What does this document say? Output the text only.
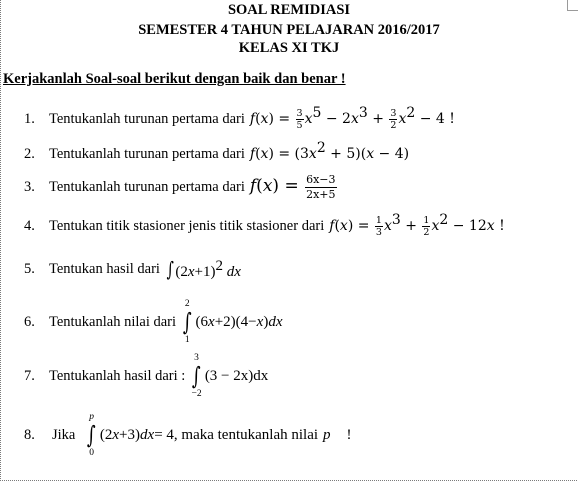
SOAL REMIDIASI
SEMESTER 4 TAHUN PELAJARAN 2016/2017
KELAS XI TKJ
Kerjakanlah Soal-soal berikut dengan baik dan benar !
1. Tentukanlah turunan pertama dari $f(x) = \frac{3}{5} x^5 - 2x^3 + \frac{3}{2} x^2 - 4$ !
2. Tentukanlah turunan pertama dari $f(x) = (3x^2 + 5)(x - 4)$
3. Tentukanlah turunan pertama dari $f(x) = \frac{6x-3}{2x+5}$
4. Tentukan titik stasioner jenis titik stasioner dari $f(x) = \frac{1}{3} x^3 + \frac{1}{2} x^2 - 12x$ !
5. Tentukan hasil dari ∫ $(2x+1)^2$ dx
6. Tentukanlah nilai dari
2
∫
1
(6 x +2)(4− x ) dx
7. Tentukanlah hasil dari :
3
∫
−2
(3 − 2x)dx
8.	Jika
p
∫
0
(2 x +3) dx = 4 , maka tentukanlah nilai p !
